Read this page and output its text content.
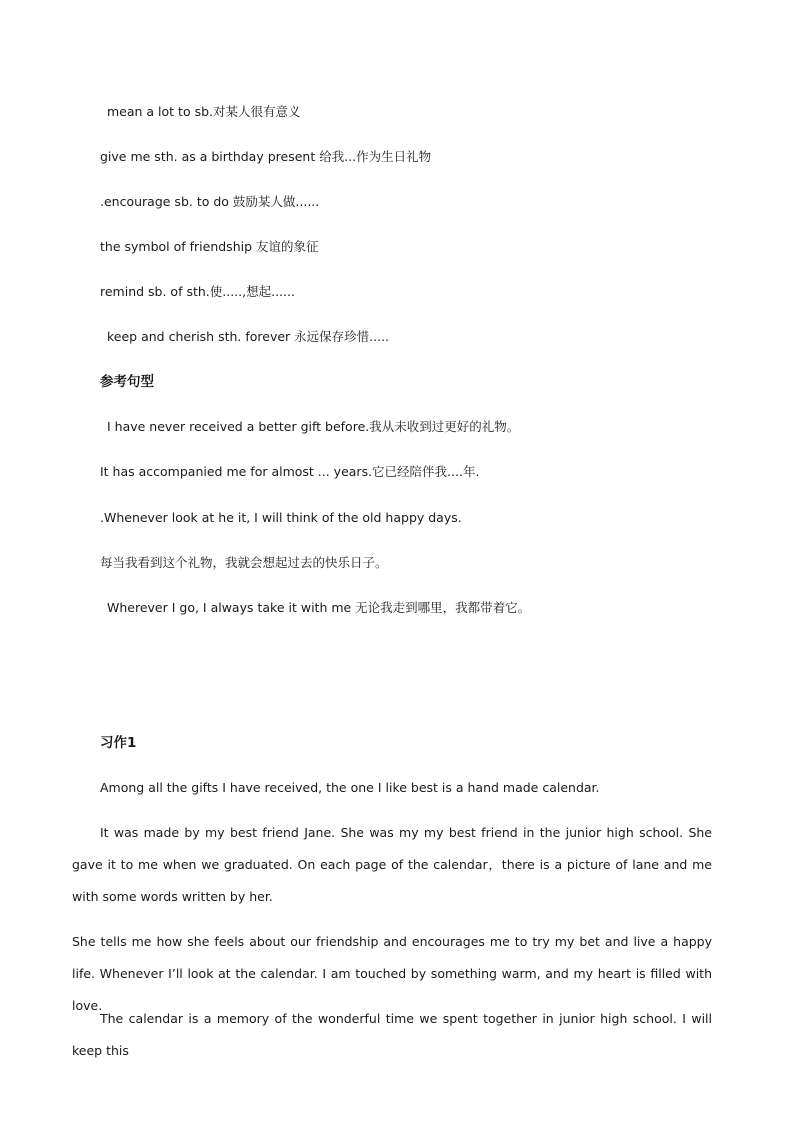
mean a lot to sb.对某人很有意义
give me sth. as a birthday present 给我...作为生日礼物
.encourage sb. to do 鼓励某人做......
the symbol of friendship 友谊的象征
remind sb. of sth.使.....,想起......
keep and cherish sth. forever 永远保存珍惜.....
参考句型
I have never received a better gift before.我从未收到过更好的礼物。
It has accompanied me for almost ... years.它已经陪伴我....年.
.Whenever look at he it, I will think of the old happy days.
每当我看到这个礼物，我就会想起过去的快乐日子。
Wherever I go, I always take it with me 无论我走到哪里，我都带着它。
习作1
Among all the gifts I have received, the one I like best is a hand made calendar.
It was made by my best friend Jane. She was my my best friend in the junior high school. She gave it to me when we graduated. On each page of the calendar，there is a picture of lane and me with some words written by her.
She tells me how she feels about our friendship and encourages me to try my bet and live a happy life. Whenever I’ll look at the calendar. I am touched by something warm, and my heart is filled with love.
The calendar is a memory of the wonderful time we spent together in junior high school. I will keep this
